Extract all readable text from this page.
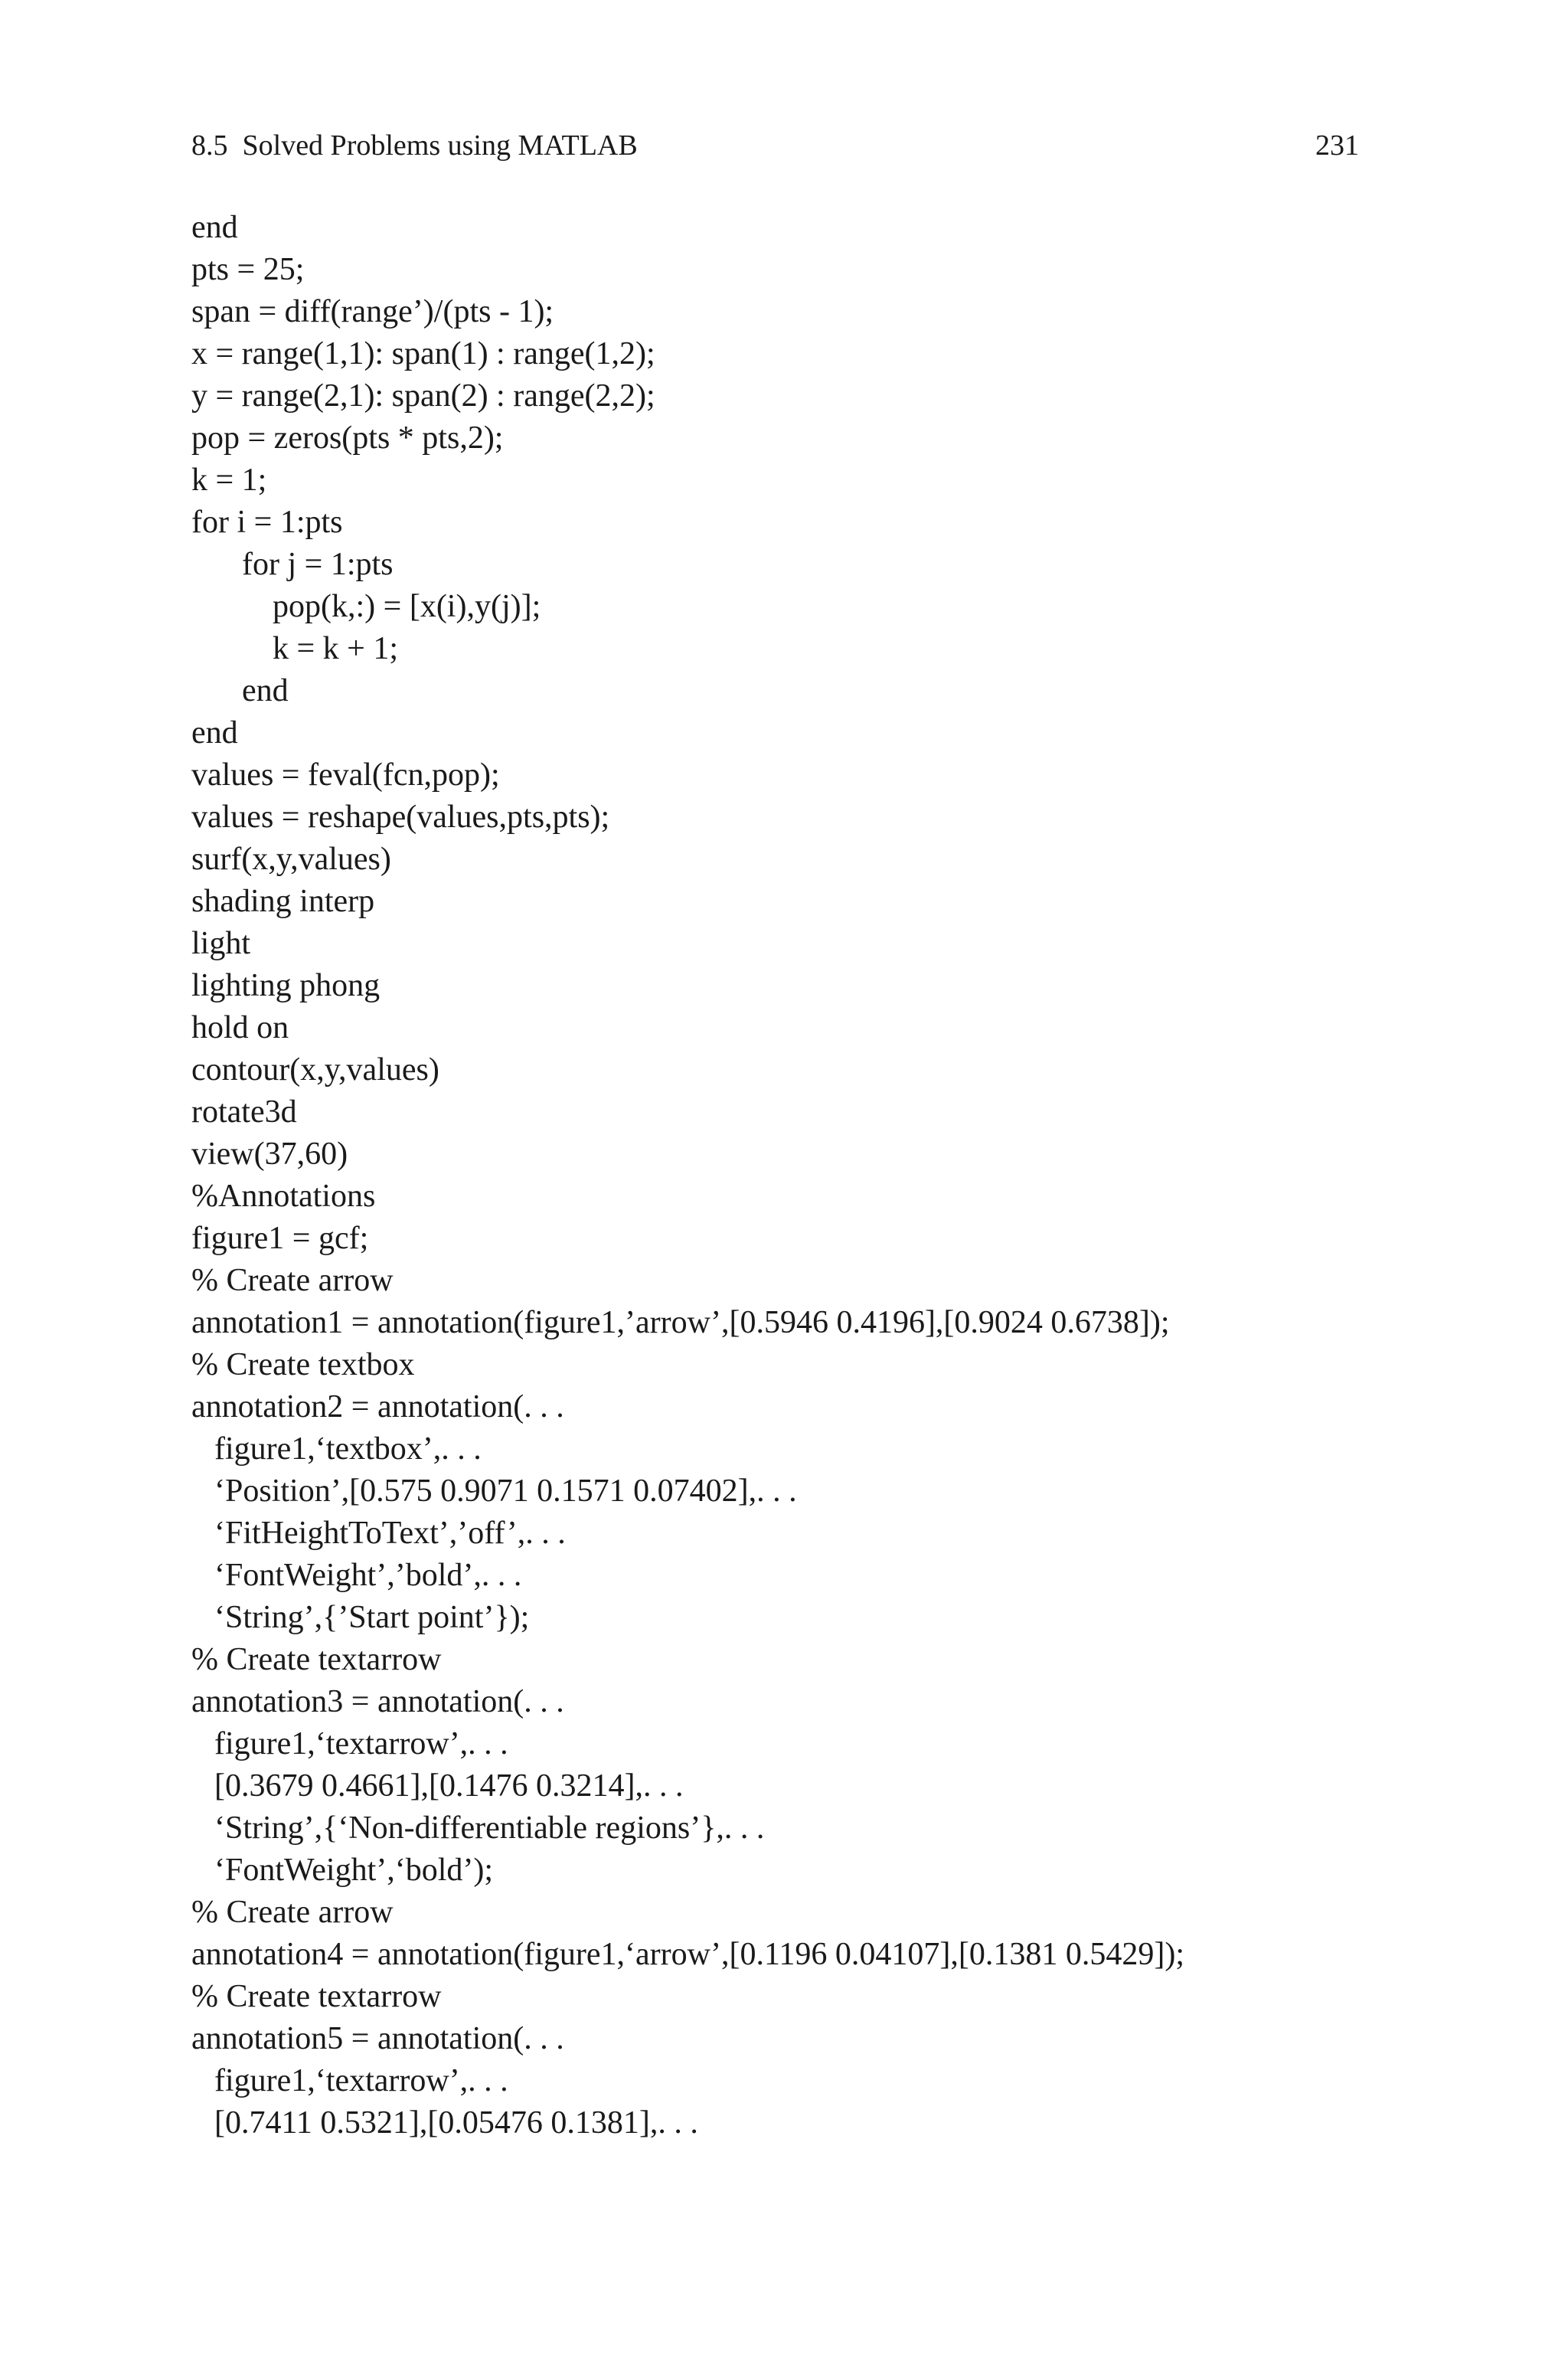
8.5  Solved Problems using MATLAB	231
end
pts = 25;
span = diff(range’)/(pts - 1);
x = range(1,1): span(1) : range(1,2);
y = range(2,1): span(2) : range(2,2);
pop = zeros(pts * pts,2);
k = 1;
for i = 1:pts
for j = 1:pts
pop(k,:) = [x(i),y(j)];
k = k + 1;
end
end
values = feval(fcn,pop);
values = reshape(values,pts,pts);
surf(x,y,values)
shading interp
light
lighting phong
hold on
contour(x,y,values)
rotate3d
view(37,60)
%Annotations
figure1 = gcf;
% Create arrow
annotation1 = annotation(figure1,’arrow’,[0.5946 0.4196],[0.9024 0.6738]);
% Create textbox
annotation2 = annotation(. . .
figure1,‘textbox’,. . .
‘Position’,[0.575 0.9071 0.1571 0.07402],. . .
‘FitHeightToText’,’off’,. . .
‘FontWeight’,’bold’,. . .
‘String’,{’Start point’});
% Create textarrow
annotation3 = annotation(. . .
figure1,‘textarrow’,. . .
[0.3679 0.4661],[0.1476 0.3214],. . .
‘String’,{‘Non-differentiable regions’},. . .
‘FontWeight’,‘bold’);
% Create arrow
annotation4 = annotation(figure1,‘arrow’,[0.1196 0.04107],[0.1381 0.5429]);
% Create textarrow
annotation5 = annotation(. . .
figure1,‘textarrow’,. . .
[0.7411 0.5321],[0.05476 0.1381],. . .
